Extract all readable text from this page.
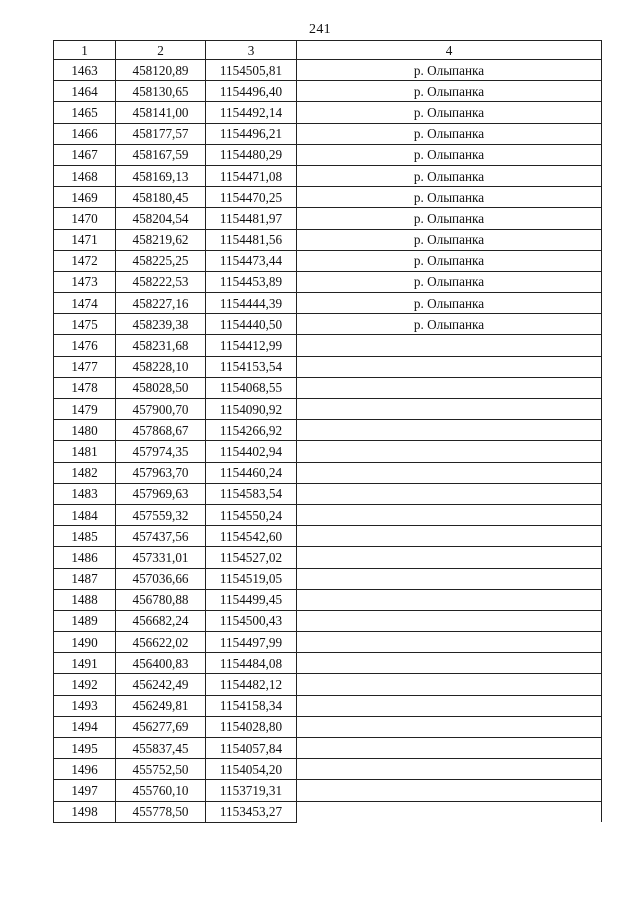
241
1	2	3	4
1463	458120,89	1154505,81	р. Олыпанка
1464	458130,65	1154496,40	р. Олыпанка
1465	458141,00	1154492,14	р. Олыпанка
1466	458177,57	1154496,21	р. Олыпанка
1467	458167,59	1154480,29	р. Олыпанка
1468	458169,13	1154471,08	р. Олыпанка
1469	458180,45	1154470,25	р. Олыпанка
1470	458204,54	1154481,97	р. Олыпанка
1471	458219,62	1154481,56	р. Олыпанка
1472	458225,25	1154473,44	р. Олыпанка
1473	458222,53	1154453,89	р. Олыпанка
1474	458227,16	1154444,39	р. Олыпанка
1475	458239,38	1154440,50	р. Олыпанка
1476	458231,68	1154412,99	
1477	458228,10	1154153,54	
1478	458028,50	1154068,55	
1479	457900,70	1154090,92	
1480	457868,67	1154266,92	
1481	457974,35	1154402,94	
1482	457963,70	1154460,24	
1483	457969,63	1154583,54	
1484	457559,32	1154550,24	
1485	457437,56	1154542,60	
1486	457331,01	1154527,02	
1487	457036,66	1154519,05	
1488	456780,88	1154499,45	
1489	456682,24	1154500,43	
1490	456622,02	1154497,99	
1491	456400,83	1154484,08	
1492	456242,49	1154482,12	
1493	456249,81	1154158,34	
1494	456277,69	1154028,80	
1495	455837,45	1154057,84	
1496	455752,50	1154054,20	
1497	455760,10	1153719,31	
1498	455778,50	1153453,27	
